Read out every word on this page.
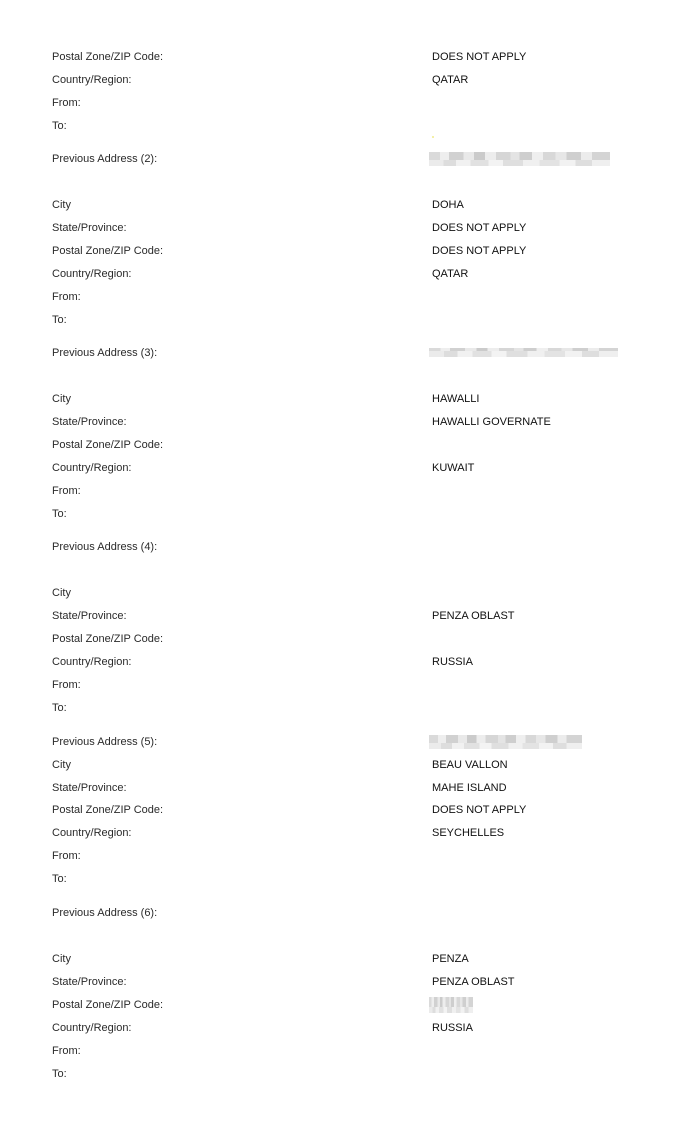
Postal Zone/ZIP Code:	DOES NOT APPLY
Country/Region:	QATAR
From:
To:
Previous Address (2):
City	DOHA
State/Province:	DOES NOT APPLY
Postal Zone/ZIP Code:	DOES NOT APPLY
Country/Region:	QATAR
From:
To:
Previous Address (3):
City	HAWALLI
State/Province:	HAWALLI GOVERNATE
Postal Zone/ZIP Code:
Country/Region:	KUWAIT
From:
To:
Previous Address (4):
City
State/Province:	PENZA OBLAST
Postal Zone/ZIP Code:
Country/Region:	RUSSIA
From:
To:
Previous Address (5):
City	BEAU VALLON
State/Province:	MAHE ISLAND
Postal Zone/ZIP Code:	DOES NOT APPLY
Country/Region:	SEYCHELLES
From:
To:
Previous Address (6):
City	PENZA
State/Province:	PENZA OBLAST
Postal Zone/ZIP Code:
Country/Region:	RUSSIA
From:
To:
